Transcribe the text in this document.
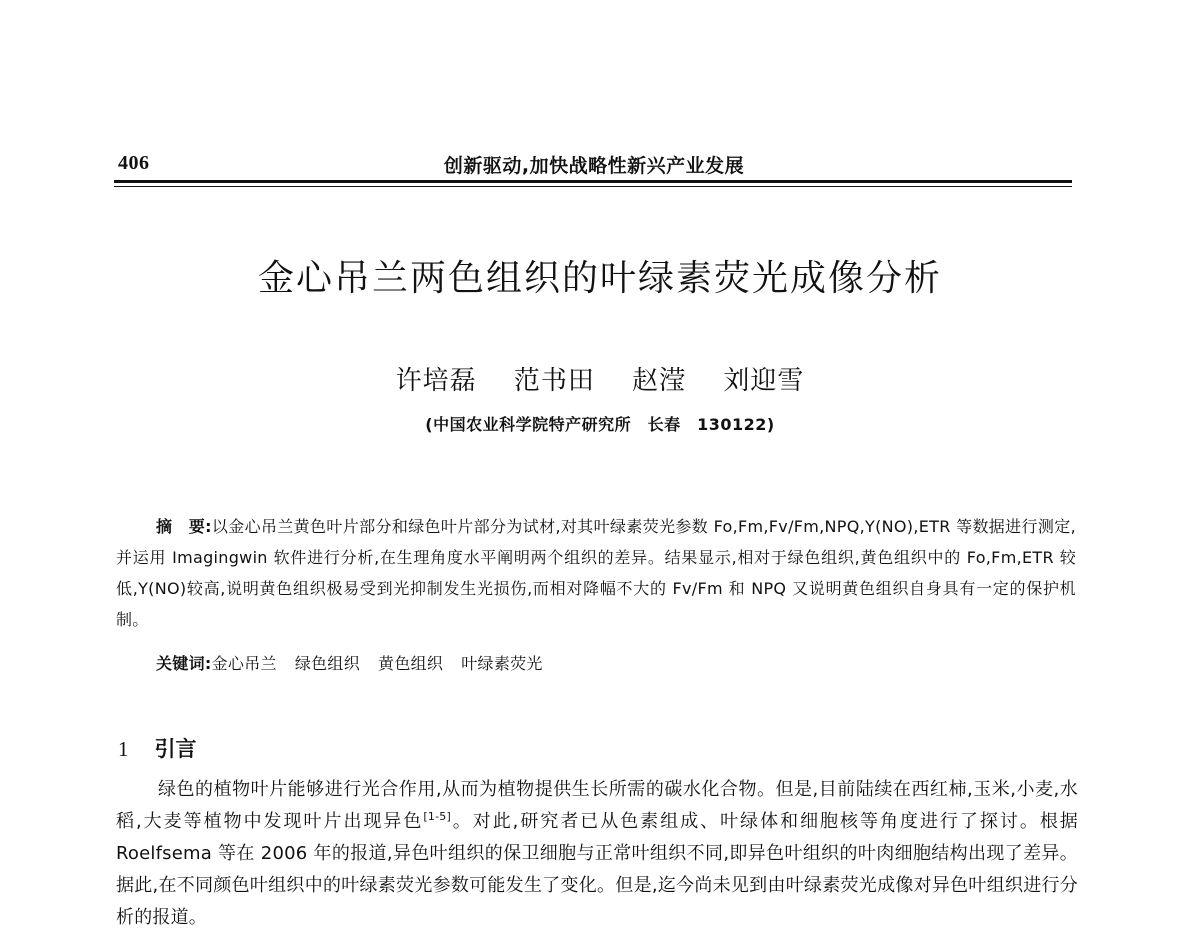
406	创新驱动,加快战略性新兴产业发展
金心吊兰两色组织的叶绿素荧光成像分析
许培磊 范书田 赵滢 刘迎雪
(中国农业科学院特产研究所　长春　130122)

摘　要:以金心吊兰黄色叶片部分和绿色叶片部分为试材,对其叶绿素荧光参数 Fo,Fm,Fv/Fm,NPQ,Y(NO),ETR 等数据进行测定,并运用 Imagingwin 软件进行分析,在生理角度水平阐明两个组织的差异。结果显示,相对于绿色组织,黄色组织中的 Fo,Fm,ETR 较低,Y(NO)较高,说明黄色组织极易受到光抑制发生光损伤,而相对降幅不大的 Fv/Fm 和 NPQ 又说明黄色组织自身具有一定的保护机制。

关键词:金心吊兰 绿色组织 黄色组织 叶绿素荧光
1 引言

绿色的植物叶片能够进行光合作用,从而为植物提供生长所需的碳水化合物。但是,目前陆续在西红柿,玉米,小麦,水稻,大麦等植物中发现叶片出现异色[1-5]。对此,研究者已从色素组成、叶绿体和细胞核等角度进行了探讨。根据 Roelfsema 等在 2006 年的报道,异色叶组织的保卫细胞与正常叶组织不同,即异色叶组织的叶肉细胞结构出现了差异。据此,在不同颜色叶组织中的叶绿素荧光参数可能发生了变化。但是,迄今尚未见到由叶绿素荧光成像对异色叶组织进行分析的报道。
